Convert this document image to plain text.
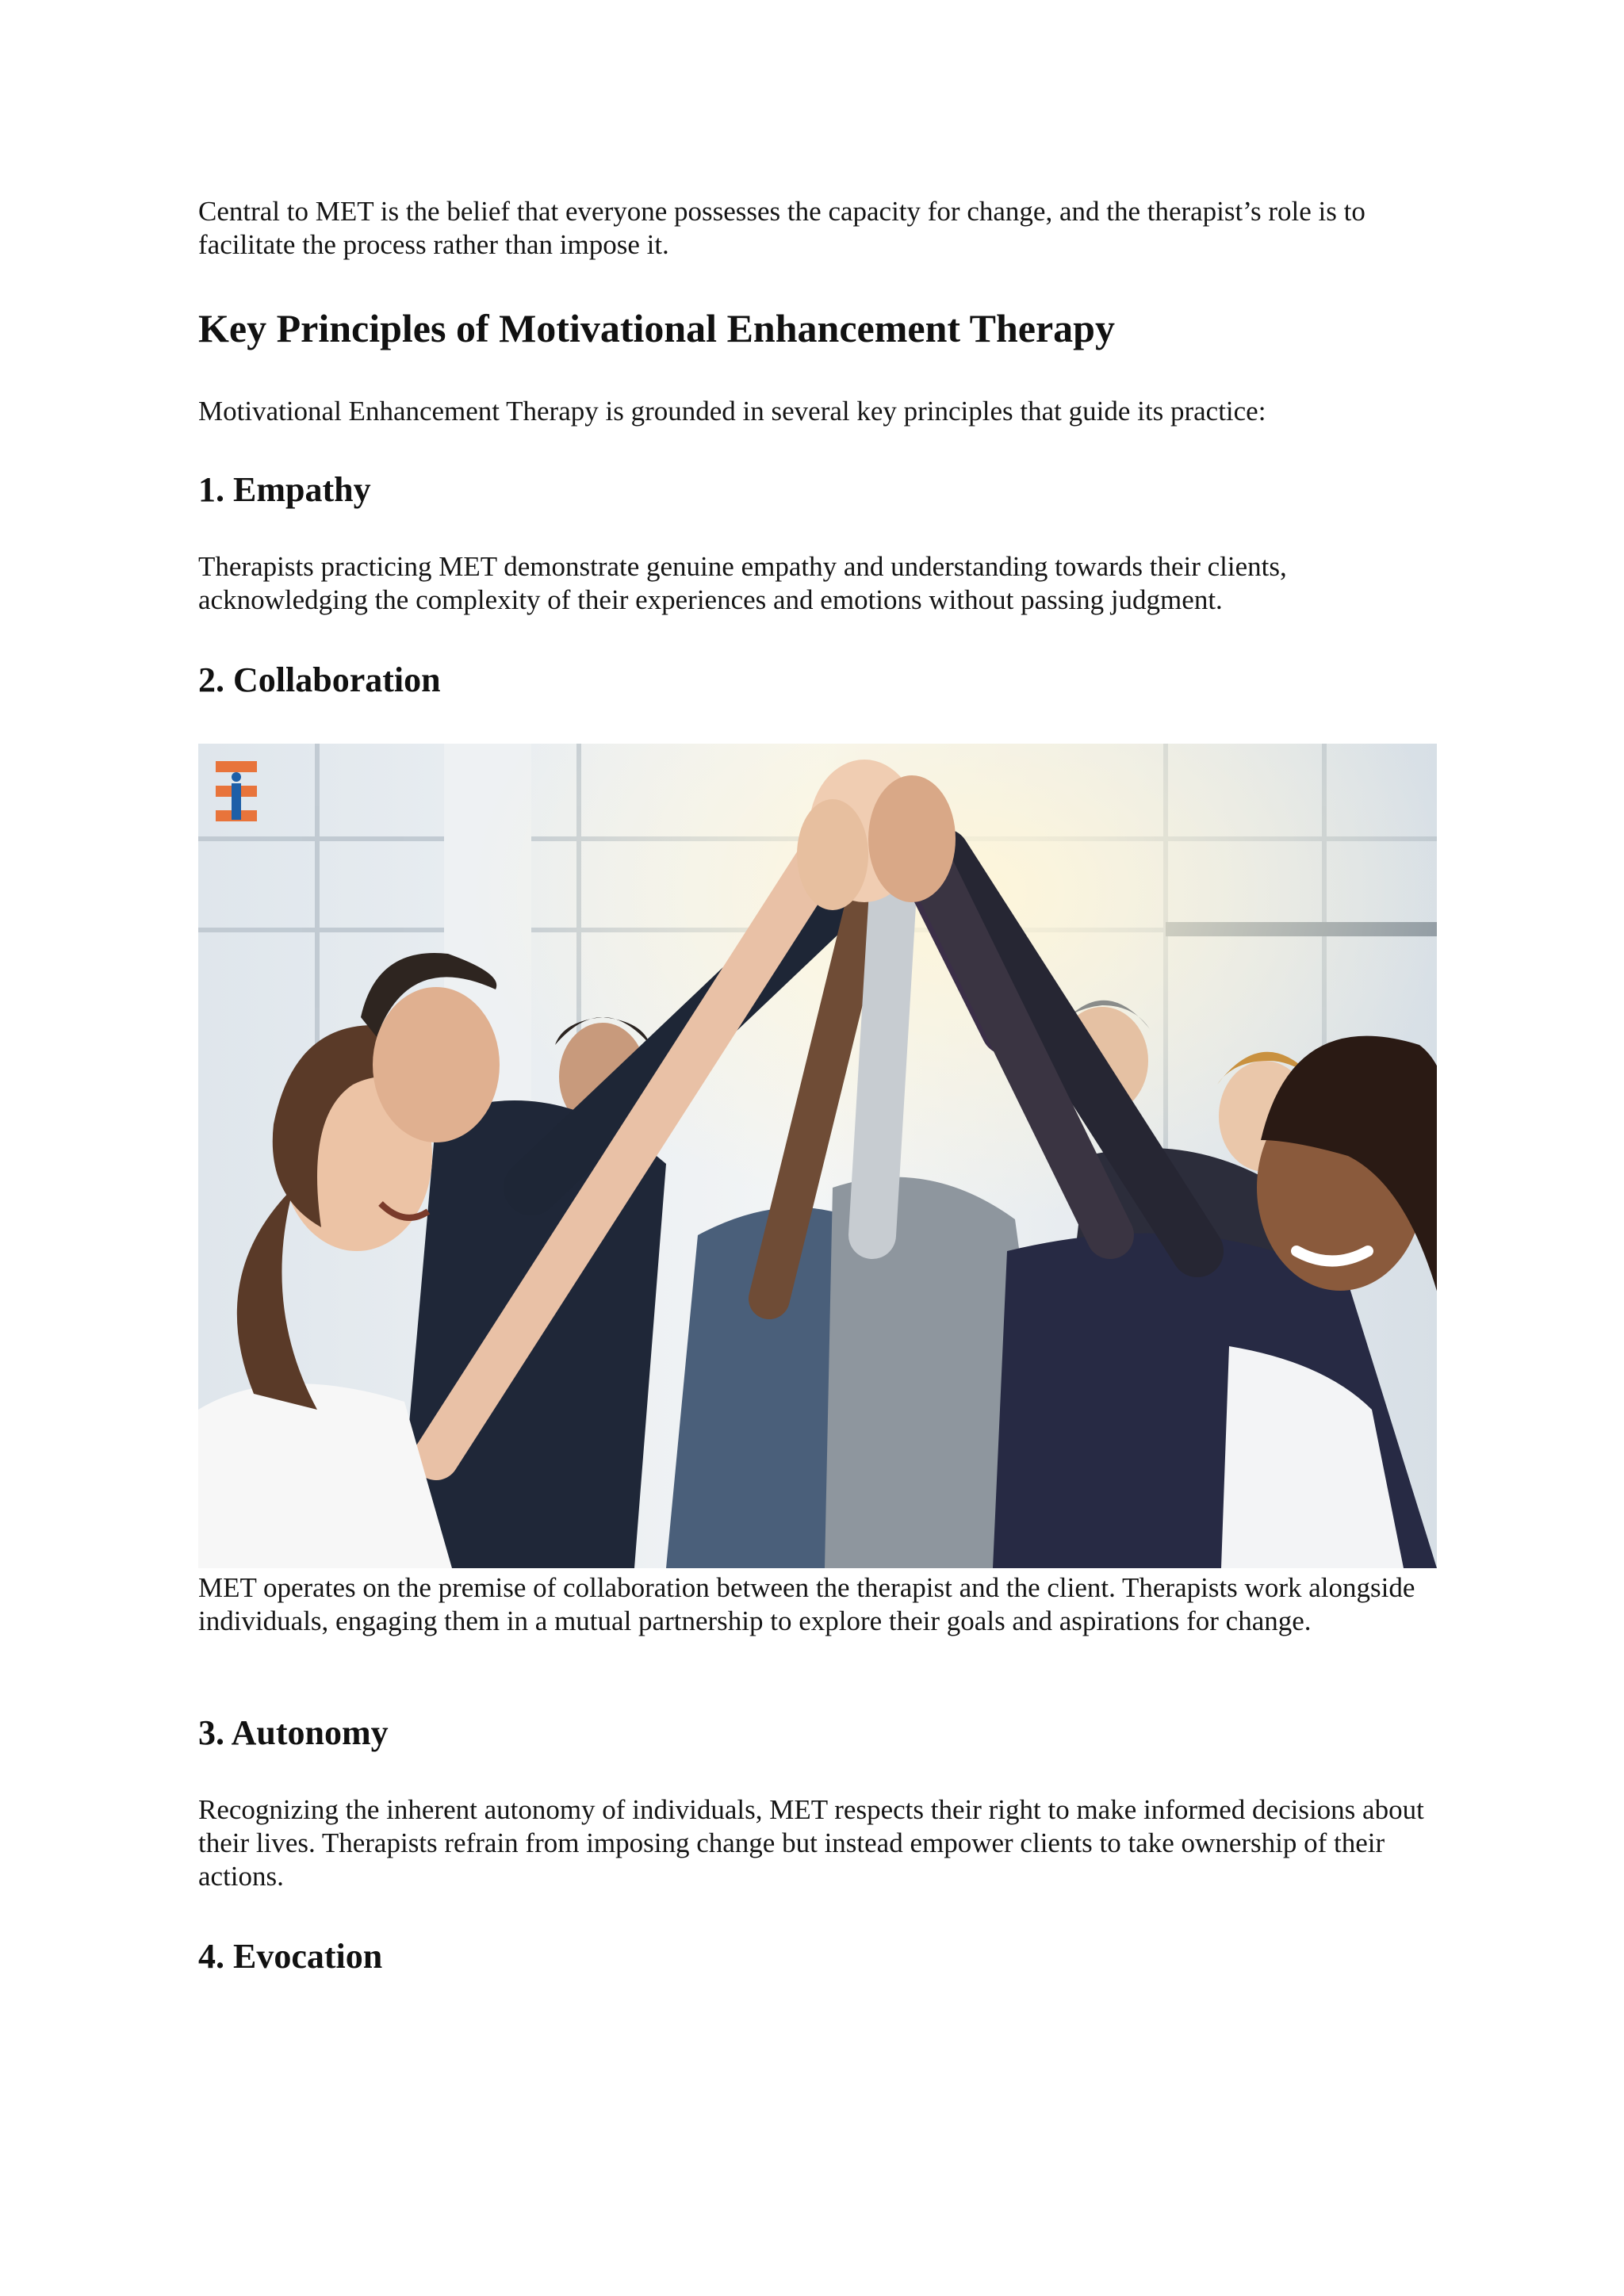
Central to MET is the belief that everyone possesses the capacity for change, and the therapist’s role is to facilitate the process rather than impose it.

Key Principles of Motivational Enhancement Therapy

Motivational Enhancement Therapy is grounded in several key principles that guide its practice:

1. Empathy

Therapists practicing MET demonstrate genuine empathy and understanding towards their clients, acknowledging the complexity of their experiences and emotions without passing judgment.

2. Collaboration

MET operates on the premise of collaboration between the therapist and the client. Therapists work alongside individuals, engaging them in a mutual partnership to explore their goals and aspirations for change.

3. Autonomy

Recognizing the inherent autonomy of individuals, MET respects their right to make informed decisions about their lives. Therapists refrain from imposing change but instead empower clients to take ownership of their actions.

4. Evocation
